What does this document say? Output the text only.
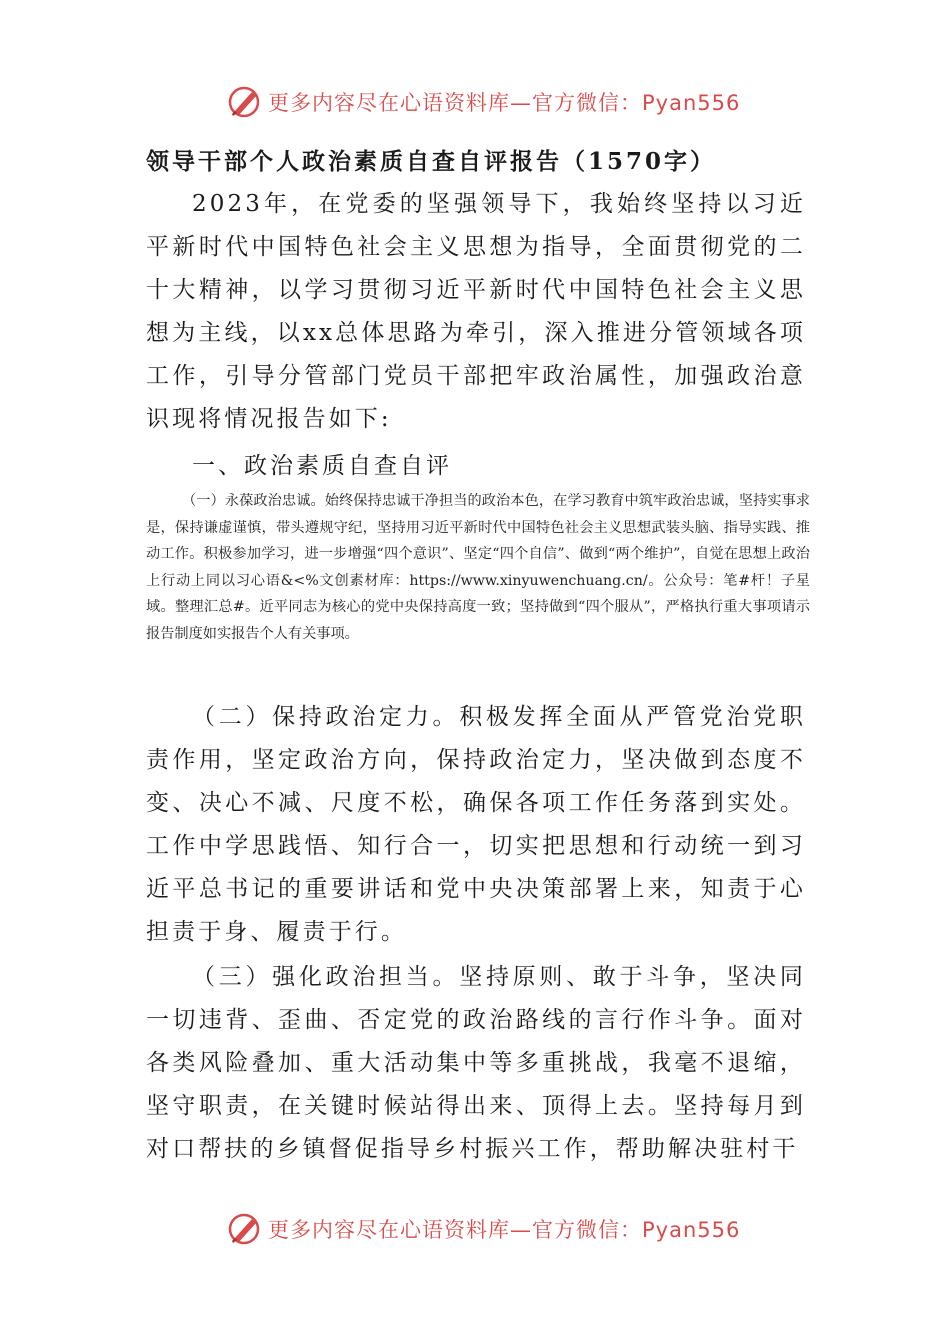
更多内容尽在心语资料库—官方微信：Pyan556
领导干部个人政治素质自查自评报告（1570字）

2023年，在党委的坚强领导下，我始终坚持以习近平新时代中国特色社会主义思想为指导，全面贯彻党的二十大精神，以学习贯彻习近平新时代中国特色社会主义思想为主线，以xx总体思路为牵引，深入推进分管领域各项工作，引导分管部门党员干部把牢政治属性，加强政治意识现将情况报告如下:

一、政治素质自查自评

（一）永葆政治忠诚。始终保持忠诚干净担当的政治本色，在学习教育中筑牢政治忠诚，坚持实事求是，保持谦虚谨慎，带头遵规守纪，坚持用习近平新时代中国特色社会主义思想武装头脑、指导实践、推动工作。积极参加学习，进一步增强“四个意识”、坚定“四个自信”、做到“两个维护”，自觉在思想上政治上行动上同以习心语&<%文创素材库：https://www.xinyuwenchuang.cn/。公众号：笔#杆！子星域。整理汇总#。近平同志为核心的党中央保持高度一致；坚持做到“四个服从”，严格执行重大事项请示报告制度如实报告个人有关事项。

（二）保持政治定力。积极发挥全面从严管党治党职责作用，坚定政治方向，保持政治定力，坚决做到态度不变、决心不减、尺度不松，确保各项工作任务落到实处。工作中学思践悟、知行合一，切实把思想和行动统一到习近平总书记的重要讲话和党中央决策部署上来，知责于心担责于身、履责于行。

（三）强化政治担当。坚持原则、敢于斗争，坚决同一切违背、歪曲、否定党的政治路线的言行作斗争。面对各类风险叠加、重大活动集中等多重挑战，我毫不退缩，坚守职责，在关键时候站得出来、顶得上去。坚持每月到对口帮扶的乡镇督促指导乡村振兴工作，帮助解决驻村干

更多内容尽在心语资料库—官方微信：Pyan556
